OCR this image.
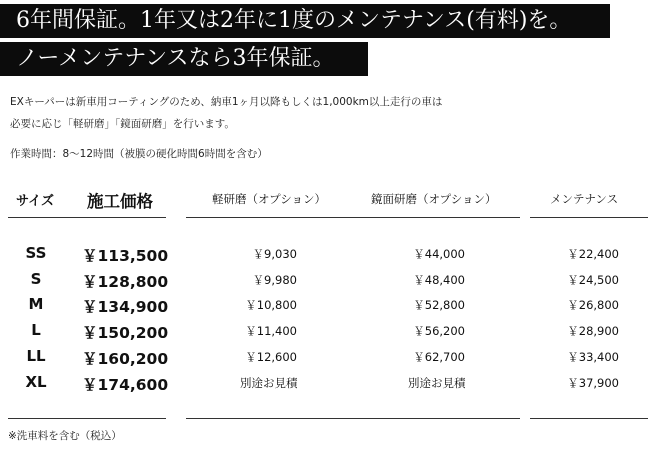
6年間保証。1年又は2年に1度のメンテナンス(有料)を。
ノーメンテナンスなら3年保証。
EXキーパーは新車用コーティングのため、納車1ヶ月以降もしくは1,000km以上走行の車は
必要に応じ「軽研磨」「鏡面研磨」を行います。
作業時間：8〜12時間（被膜の硬化時間6時間を含む）
サイズ 施工価格	軽研磨（オプション）	鏡面研磨（オプション）	メンテナンス
SS	￥113,500	￥9,030	￥44,000	￥22,400
S	￥128,800	￥9,980	￥48,400	￥24,500
M	￥134,900	￥10,800	￥52,800	￥26,800
L	￥150,200	￥11,400	￥56,200	￥28,900
LL	￥160,200	￥12,600	￥62,700	￥33,400
XL	￥174,600	別途お見積	別途お見積	￥37,900
※洗車料を含む（税込）
